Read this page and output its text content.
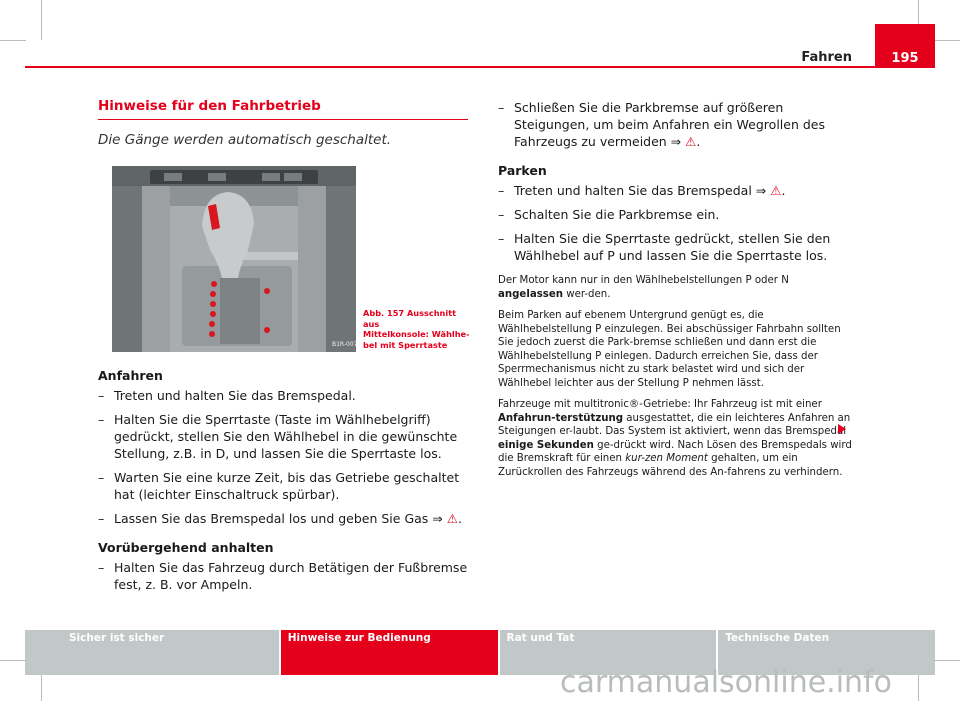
Fahren	195
Hinweise für den Fahrbetrieb
Die Gänge werden automatisch geschaltet.
B1R-0077
Abb. 157 Ausschnitt aus
Mittelkonsole: Wählhe-
bel mit Sperrtaste
Anfahren
– Treten und halten Sie das Bremspedal.
– Halten Sie die Sperrtaste (Taste im Wählhebelgriff) gedrückt, stellen Sie den Wählhebel in die gewünschte Stellung, z.B. in D, und lassen Sie die Sperrtaste los.
– Warten Sie eine kurze Zeit, bis das Getriebe geschaltet hat (leichter Einschaltruck spürbar).
– Lassen Sie das Bremspedal los und geben Sie Gas ⇒ ⚠.
Vorübergehend anhalten
– Halten Sie das Fahrzeug durch Betätigen der Fußbremse fest, z. B. vor Ampeln.
– Schließen Sie die Parkbremse auf größeren Steigungen, um beim Anfahren ein Wegrollen des Fahrzeugs zu vermeiden ⇒ ⚠.
Parken
– Treten und halten Sie das Bremspedal ⇒ ⚠.
– Schalten Sie die Parkbremse ein.
– Halten Sie die Sperrtaste gedrückt, stellen Sie den Wählhebel auf P und lassen Sie die Sperrtaste los.
Der Motor kann nur in den Wählhebelstellungen P oder N angelassen wer-den.
Beim Parken auf ebenem Untergrund genügt es, die Wählhebelstellung P einzulegen. Bei abschüssiger Fahrbahn sollten Sie jedoch zuerst die Park-bremse schließen und dann erst die Wählhebelstellung P einlegen. Dadurch erreichen Sie, dass der Sperrmechanismus nicht zu stark belastet wird und sich der Wählhebel leichter aus der Stellung P nehmen lässt.
Fahrzeuge mit multitronic®-Getriebe: Ihr Fahrzeug ist mit einer Anfahrun-terstützung ausgestattet, die ein leichteres Anfahren an Steigungen er-laubt. Das System ist aktiviert, wenn das Bremspedal einige Sekunden ge-drückt wird. Nach Lösen des Bremspedals wird die Bremskraft für einen kur-zen Moment gehalten, um ein Zurückrollen des Fahrzeugs während des An-fahrens zu verhindern.
Sicher ist sicher	Hinweise zur Bedienung	Rat und Tat	Technische Daten
carmanualsonline.info
